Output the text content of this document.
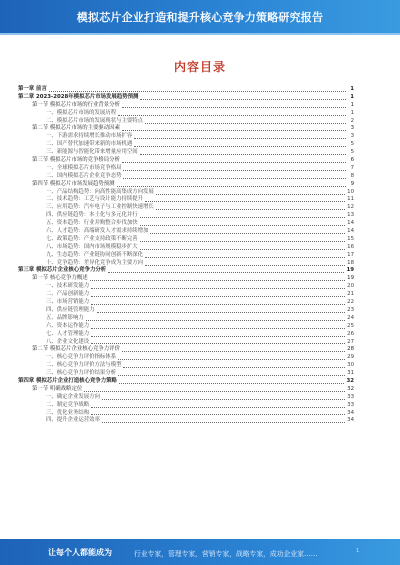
模拟芯片企业打造和提升核心竞争力策略研究报告
内容目录
第一章 前言	1
第二章 2023-2028年模拟芯片市场发展趋势预测	1
第一节 模拟芯片市场的行业背景分析	1
一、模拟芯片市场的发展历程	1
二、模拟芯片市场的发展现状与主要特点	2
第二节 模拟芯片市场的主要驱动因素	3
一、下游需求持续增长推动市场扩容	3
二、国产替代加速带来新的市场机遇	5
三、新能源与智能化带来增量应用空间	5
第三节 模拟芯片市场的竞争格局分析	6
一、全球模拟芯片市场竞争格局	7
二、国内模拟芯片企业竞争态势	8
第四节 模拟芯片市场发展趋势预测	9
一、产品结构趋势：向高性能高集成方向发展	10
二、技术趋势：工艺与设计能力持续提升	11
三、应用趋势：汽车电子与工业控制快速增长	12
四、供应链趋势：本土化与多元化并行	13
五、资本趋势：行业并购整合步伐加快	14
六、人才趋势：高端研发人才需求持续增加	14
七、政策趋势：产业支持政策不断完善	15
八、市场趋势：国内市场规模稳步扩大	16
九、生态趋势：产业链协同创新不断深化	17
十、竞争趋势：差异化竞争成为主要方向	18
第三章 模拟芯片企业核心竞争力分析	19
第一节 核心竞争力概述	19
一、技术研发能力	20
二、产品创新能力	21
三、市场营销能力	22
四、供应链管理能力	23
五、品牌影响力	24
六、资本运作能力	25
七、人才管理能力	26
八、企业文化建设	27
第二节 模拟芯片企业核心竞争力评价	28
一、核心竞争力评价指标体系	29
二、核心竞争力评价方法与模型	30
三、核心竞争力评价结果分析	31
第四章 模拟芯片企业打造核心竞争力策略	32
第一节 明确战略定位	32
一、确定企业发展方向	33
二、制定竞争战略	33
三、优化业务结构	34
四、提升企业运营效率	34
让每个人都能成为	行业专家，管理专家，营销专家，战略专家，成功企业家……	1
